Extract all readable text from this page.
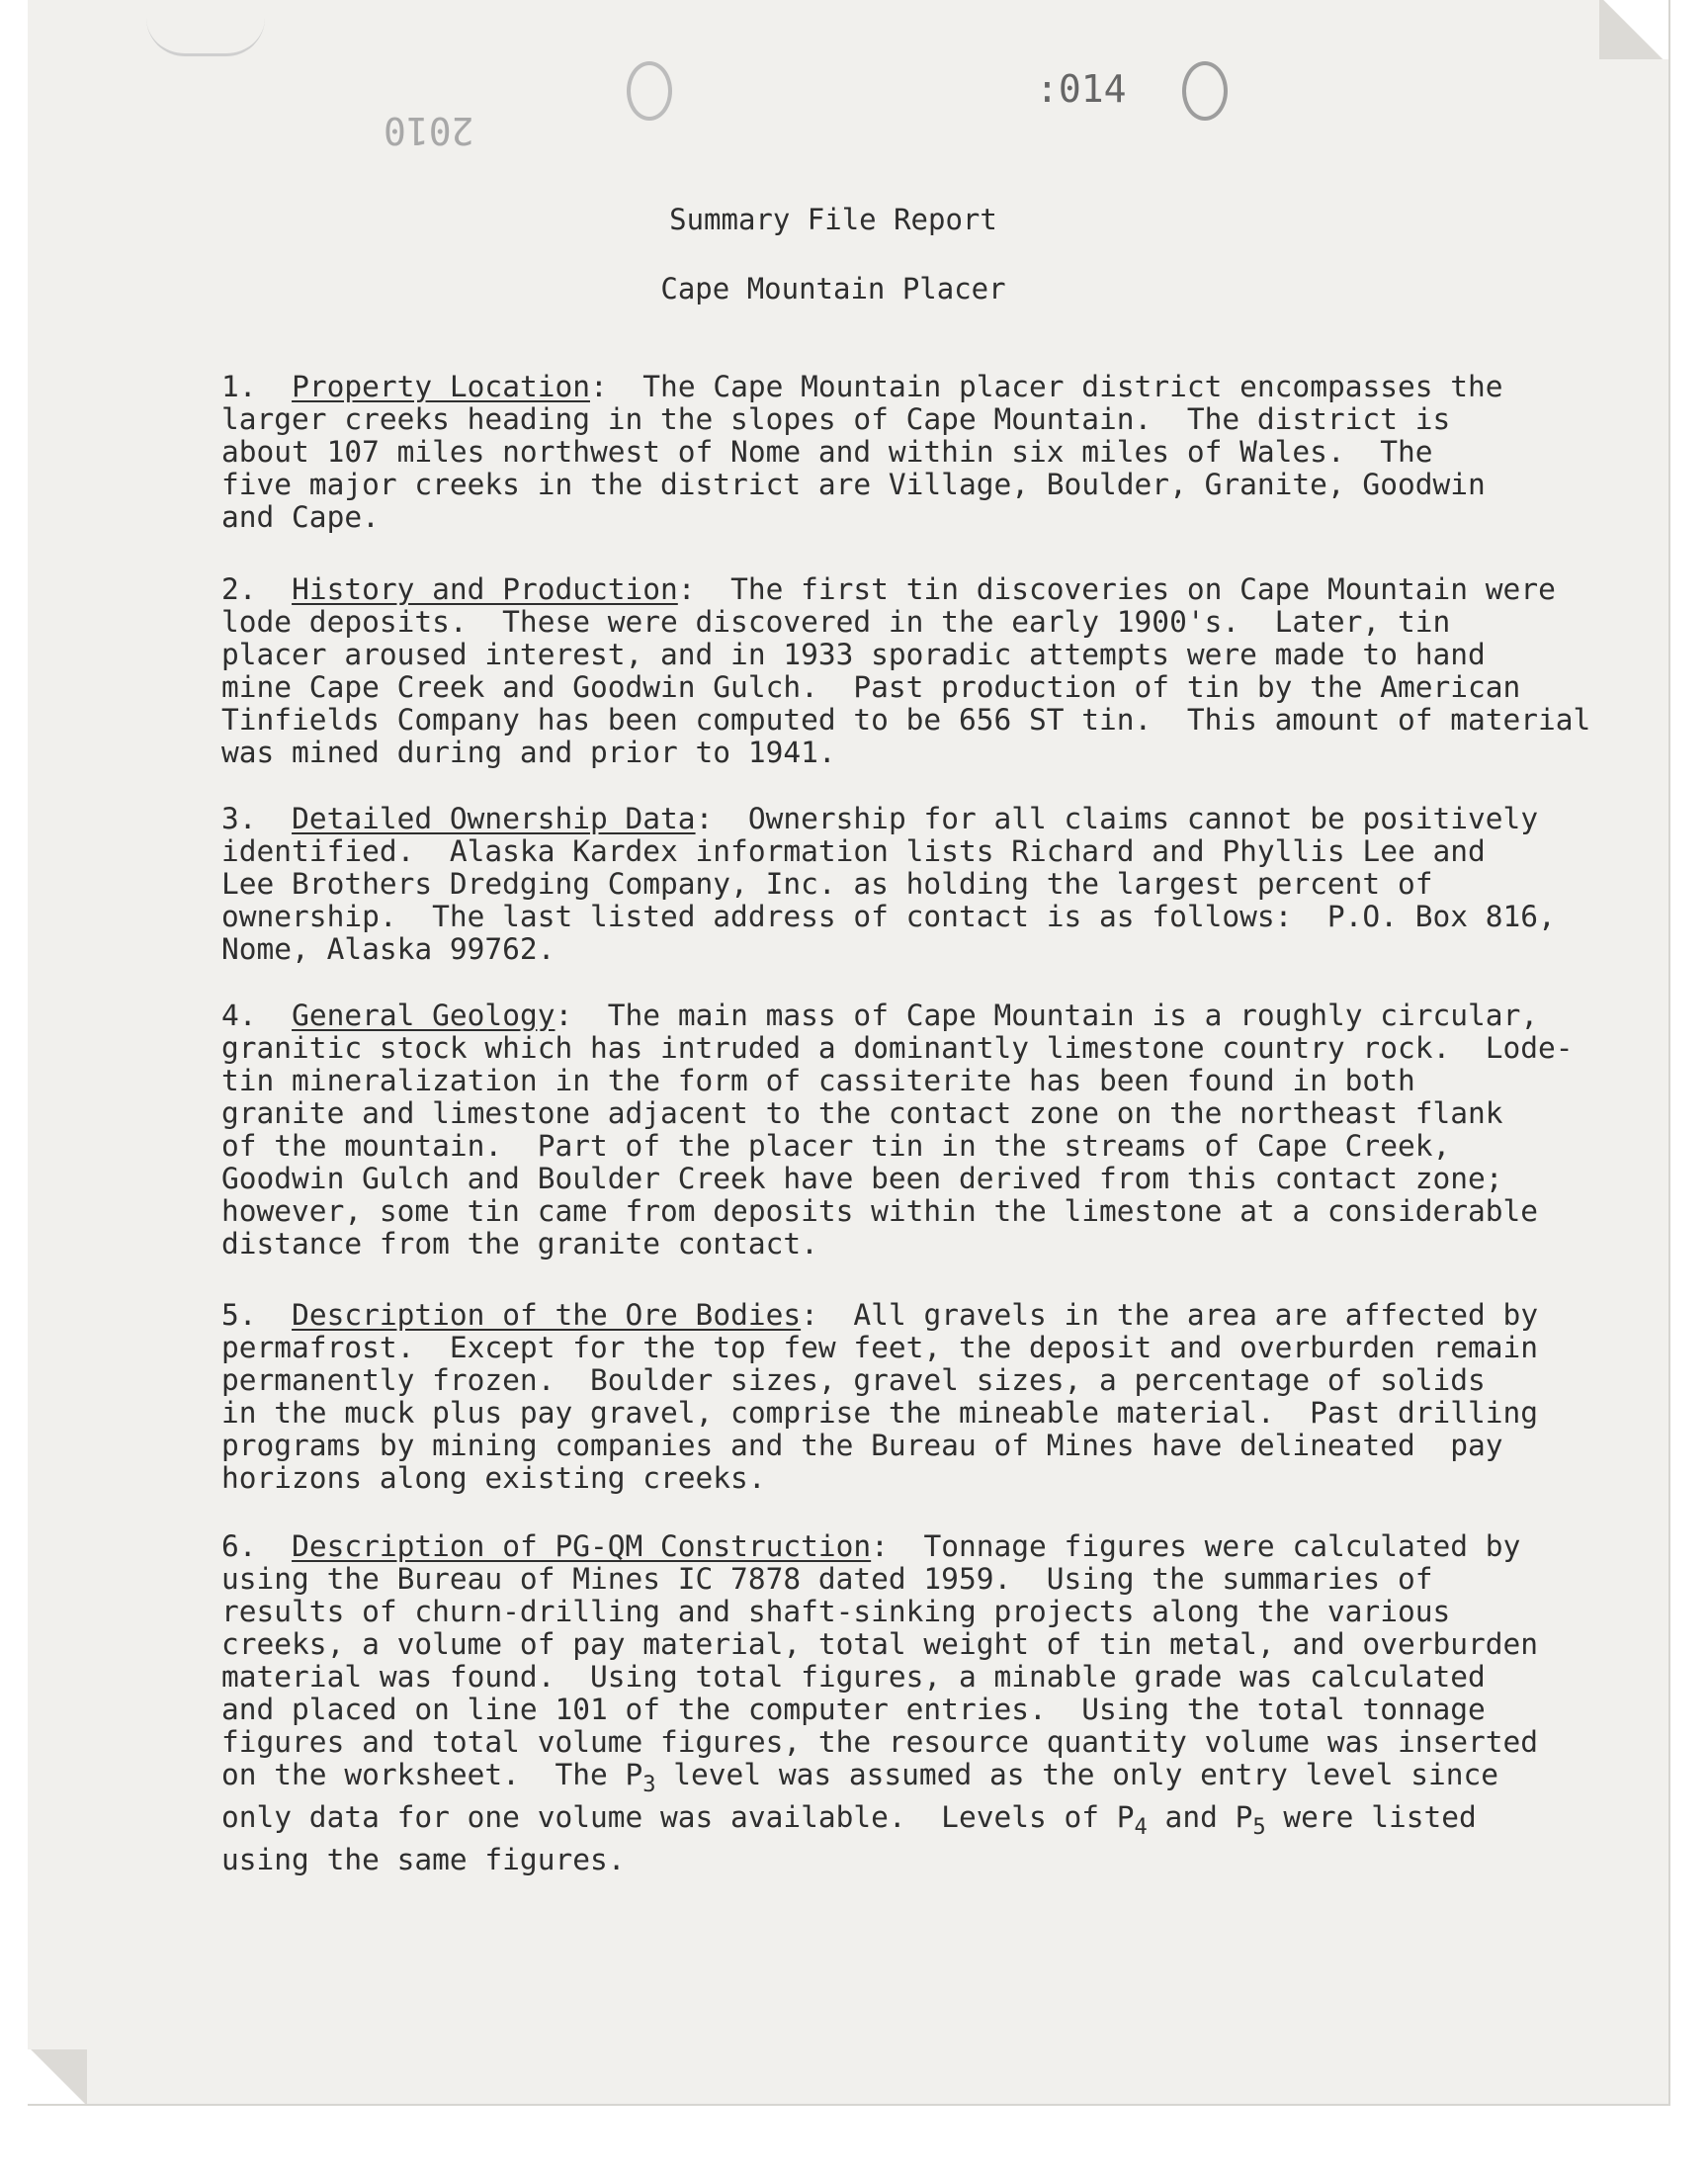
2010
:014
Summary File Report
Cape Mountain Placer
1. Property Location:  The Cape Mountain placer district encompasses the
larger creeks heading in the slopes of Cape Mountain.  The district is
about 107 miles northwest of Nome and within six miles of Wales.  The
five major creeks in the district are Village, Boulder, Granite, Goodwin
and Cape.
2. History and Production:  The first tin discoveries on Cape Mountain were
lode deposits.  These were discovered in the early 1900's.  Later, tin
placer aroused interest, and in 1933 sporadic attempts were made to hand
mine Cape Creek and Goodwin Gulch.  Past production of tin by the American
Tinfields Company has been computed to be 656 ST tin.  This amount of material
was mined during and prior to 1941.
3. Detailed Ownership Data:  Ownership for all claims cannot be positively
identified.  Alaska Kardex information lists Richard and Phyllis Lee and
Lee Brothers Dredging Company, Inc. as holding the largest percent of
ownership.  The last listed address of contact is as follows:  P.O. Box 816,
Nome, Alaska 99762.
4. General Geology:  The main mass of Cape Mountain is a roughly circular,
granitic stock which has intruded a dominantly limestone country rock.  Lode-
tin mineralization in the form of cassiterite has been found in both
granite and limestone adjacent to the contact zone on the northeast flank
of the mountain.  Part of the placer tin in the streams of Cape Creek,
Goodwin Gulch and Boulder Creek have been derived from this contact zone;
however, some tin came from deposits within the limestone at a considerable
distance from the granite contact.
5. Description of the Ore Bodies:  All gravels in the area are affected by
permafrost.  Except for the top few feet, the deposit and overburden remain
permanently frozen.  Boulder sizes, gravel sizes, a percentage of solids
in the muck plus pay gravel, comprise the mineable material.  Past drilling
programs by mining companies and the Bureau of Mines have delineated  pay
horizons along existing creeks.
6. Description of PG-QM Construction:  Tonnage figures were calculated by
using the Bureau of Mines IC 7878 dated 1959.  Using the summaries of
results of churn-drilling and shaft-sinking projects along the various
creeks, a volume of pay material, total weight of tin metal, and overburden
material was found.  Using total figures, a minable grade was calculated
and placed on line 101 of the computer entries.  Using the total tonnage
figures and total volume figures, the resource quantity volume was inserted
on the worksheet.  The $P_3$ level was assumed as the only entry level since
only data for one volume was available.  Levels of $P_4$ and $P_5$ were listed
using the same figures.
